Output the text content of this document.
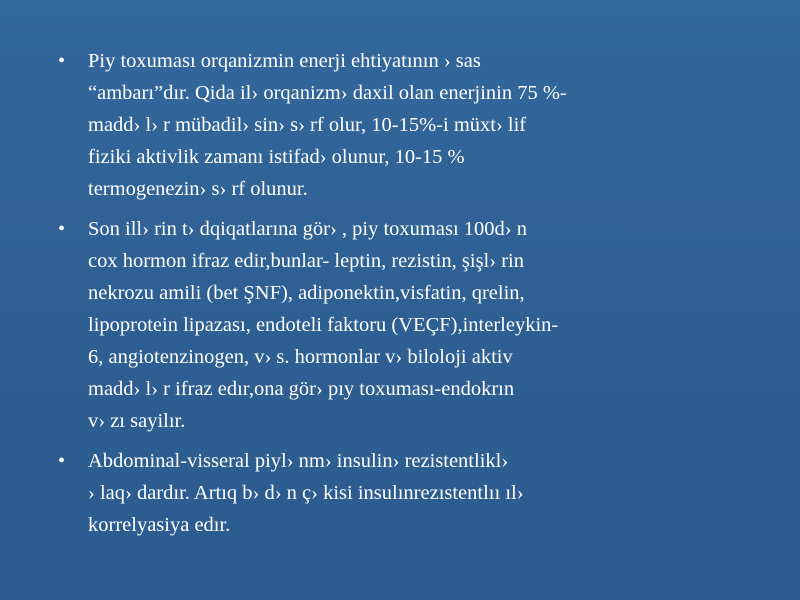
• Piy toxuması orqanizmin enerji ehtiyatının › sas
“ambarı”dır. Qida il› orqanizm› daxil olan enerjinin 75 %-
madd› l› r mübadil› sin› s› rf olur, 10-15%-i müxt› lif
fiziki aktivlik zamanı istifad› olunur, 10-15 %
termogenezin› s› rf olunur.
• Son ill› rin t› dqiqatlarına gör› , piy toxuması 100d› n
cox hormon ifraz edir,bunlar- leptin, rezistin, şişl› rin
nekrozu amili (bet ŞNF), adiponektin,visfatin, qrelin,
lipoprotein lipazası, endoteli faktoru (VEÇF),interleykin-
6, angiotenzinogen, v› s. hormonlar v› biloloji aktiv
madd› l› r ifraz edır,ona gör› pıy toxuması-endokrın
v› zı sayilır.
• Abdominal-visseral piyl› nm› insulin› rezistentlikl›
› laq› dardır. Artıq b› d› n ç› kisi insulınrezıstentlıı ıl›
korrelyasiya edır.
